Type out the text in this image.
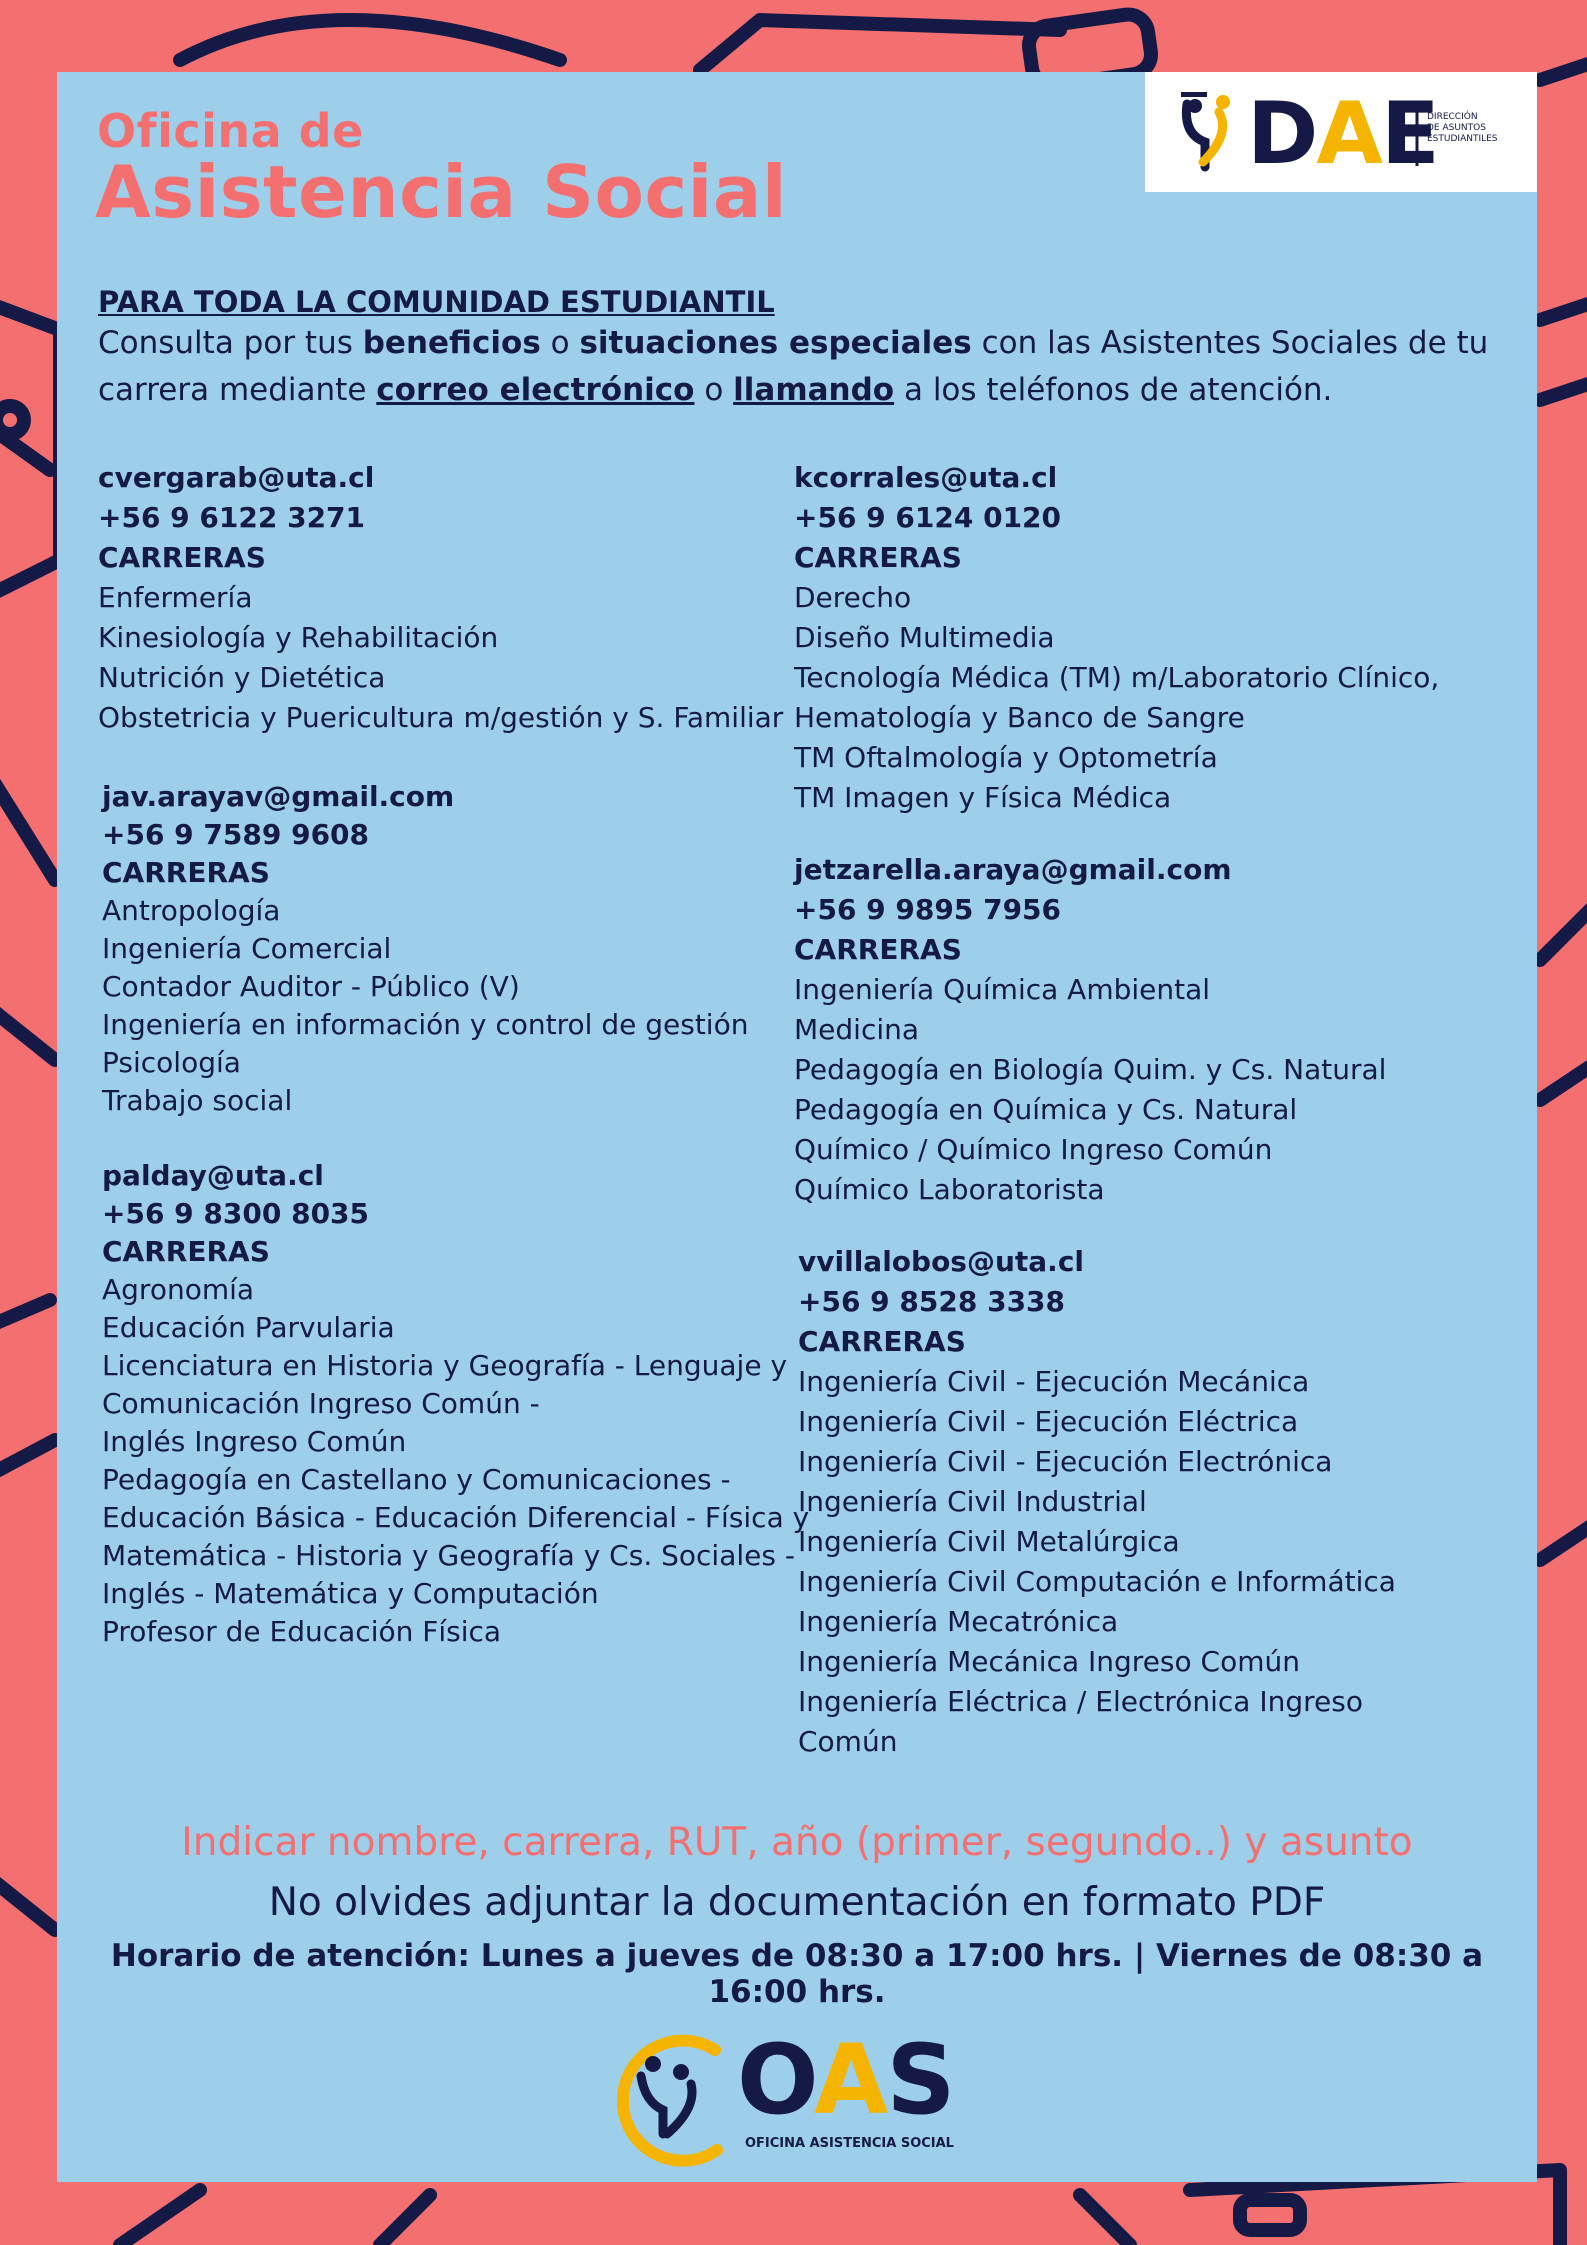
Oficina de
Asistencia Social
DAE
DIRECCIÓN
DE ASUNTOS
ESTUDIANTILES
PARA TODA LA COMUNIDAD ESTUDIANTIL
Consulta por tus beneficios o situaciones especiales con las Asistentes Sociales de tu carrera mediante correo electrónico o llamando a los teléfonos de atención.
cvergarab@uta.cl
+56 9 6122 3271
CARRERAS
Enfermería
Kinesiología y Rehabilitación
Nutrición y Dietética
Obstetricia y Puericultura m/gestión y S. Familiar
jav.arayav@gmail.com
+56 9 7589 9608
CARRERAS
Antropología
Ingeniería Comercial
Contador Auditor - Público (V)
Ingeniería en información y control de gestión
Psicología
Trabajo social
palday@uta.cl
+56 9 8300 8035
CARRERAS
Agronomía
Educación Parvularia
Licenciatura en Historia y Geografía - Lenguaje y
Comunicación Ingreso Común -
Inglés Ingreso Común
Pedagogía en Castellano y Comunicaciones -
Educación Básica - Educación Diferencial - Física y
Matemática - Historia y Geografía y Cs. Sociales -
Inglés - Matemática y Computación
Profesor de Educación Física
kcorrales@uta.cl
+56 9 6124 0120
CARRERAS
Derecho
Diseño Multimedia
Tecnología Médica (TM) m/Laboratorio Clínico,
Hematología y Banco de Sangre
TM Oftalmología y Optometría
TM Imagen y Física Médica
jetzarella.araya@gmail.com
+56 9 9895 7956
CARRERAS
Ingeniería Química Ambiental
Medicina
Pedagogía en Biología Quim. y Cs. Natural
Pedagogía en Química y Cs. Natural
Químico / Químico Ingreso Común
Químico Laboratorista
vvillalobos@uta.cl
+56 9 8528 3338
CARRERAS
Ingeniería Civil - Ejecución Mecánica
Ingeniería Civil - Ejecución Eléctrica
Ingeniería Civil - Ejecución Electrónica
Ingeniería Civil Industrial
Ingeniería Civil Metalúrgica
Ingeniería Civil Computación e Informática
Ingeniería Mecatrónica
Ingeniería Mecánica Ingreso Común
Ingeniería Eléctrica / Electrónica Ingreso
Común
Indicar nombre, carrera, RUT, año (primer, segundo..) y asunto
No olvides adjuntar la documentación en formato PDF
Horario de atención: Lunes a jueves de 08:30 a 17:00 hrs. | Viernes de 08:30 a 16:00 hrs.
OAS
OFICINA ASISTENCIA SOCIAL
